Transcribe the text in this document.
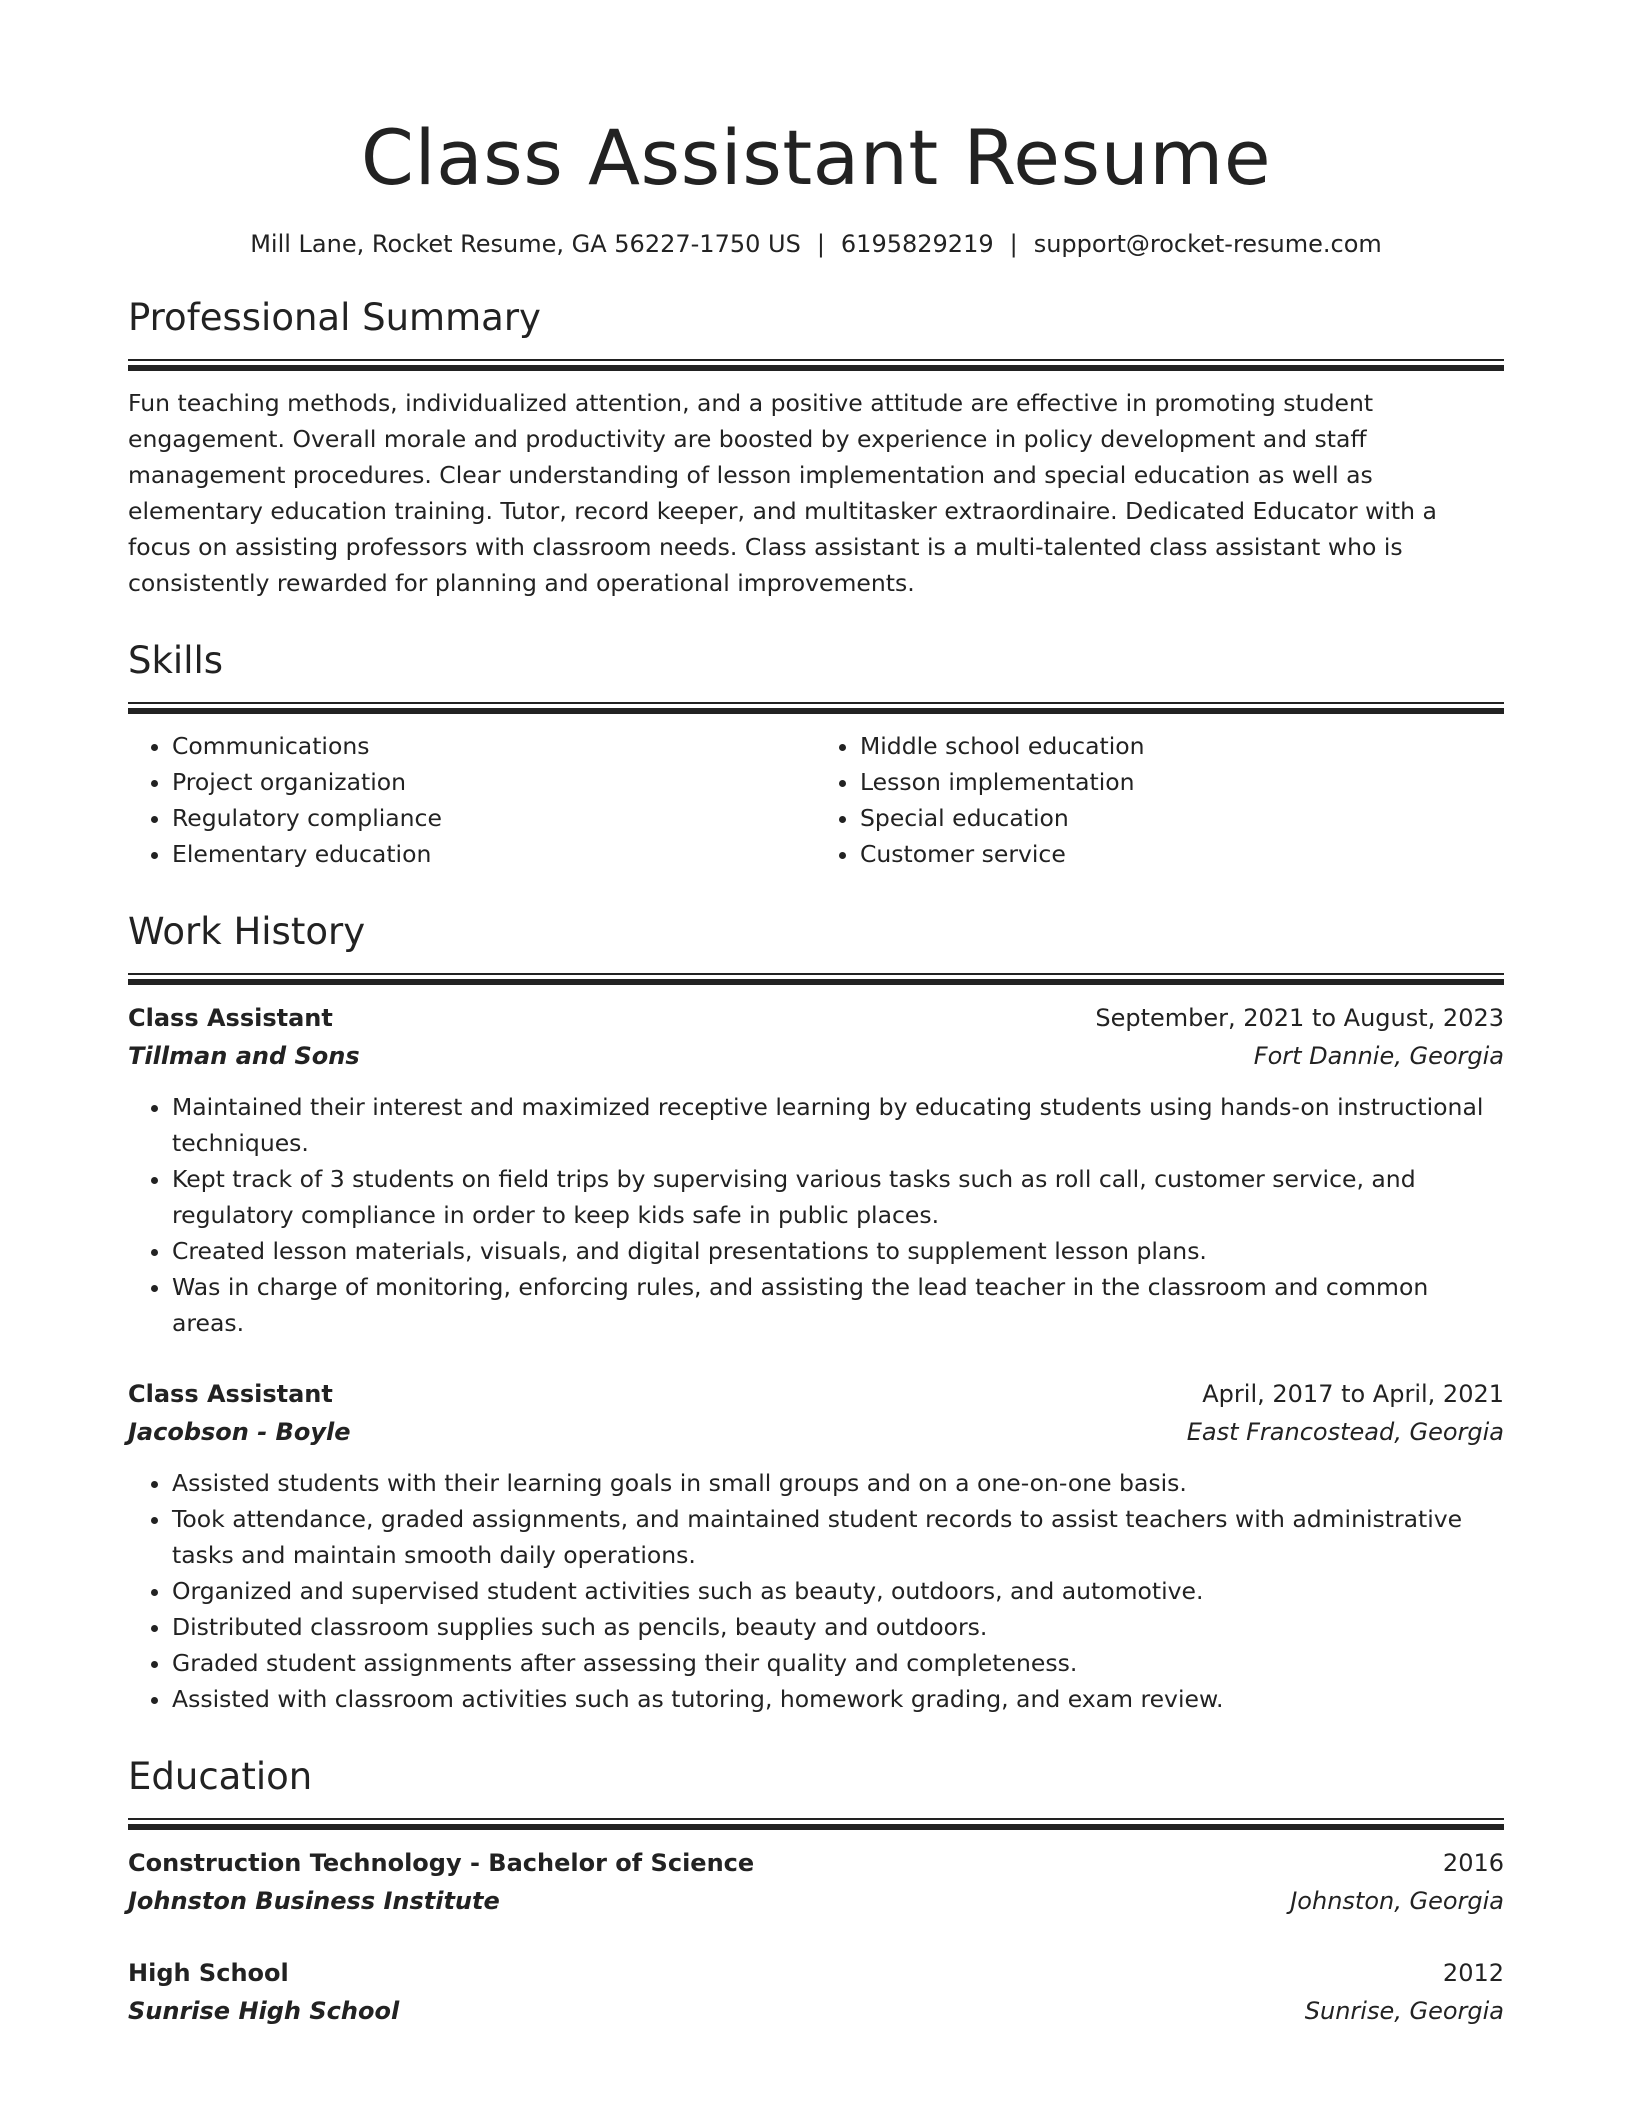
Class Assistant Resume
Mill Lane, Rocket Resume, GA 56227-1750 US | 6195829219 | support@rocket-resume.com
Professional Summary
Fun teaching methods, individualized attention, and a positive attitude are effective in promoting student engagement. Overall morale and productivity are boosted by experience in policy development and staff management procedures. Clear understanding of lesson implementation and special education as well as elementary education training. Tutor, record keeper, and multitasker extraordinaire. Dedicated Educator with a focus on assisting professors with classroom needs. Class assistant is a multi-talented class assistant who is consistently rewarded for planning and operational improvements.
Skills
• Communications
• Project organization
• Regulatory compliance
• Elementary education
• Middle school education
• Lesson implementation
• Special education
• Customer service
Work History
Class Assistant	September, 2021 to August, 2023
Tillman and Sons	Fort Dannie, Georgia
• Maintained their interest and maximized receptive learning by educating students using hands-on instructional techniques.
• Kept track of 3 students on field trips by supervising various tasks such as roll call, customer service, and regulatory compliance in order to keep kids safe in public places.
• Created lesson materials, visuals, and digital presentations to supplement lesson plans.
• Was in charge of monitoring, enforcing rules, and assisting the lead teacher in the classroom and common areas.
Class Assistant	April, 2017 to April, 2021
Jacobson - Boyle	East Francostead, Georgia
• Assisted students with their learning goals in small groups and on a one-on-one basis.
• Took attendance, graded assignments, and maintained student records to assist teachers with administrative tasks and maintain smooth daily operations.
• Organized and supervised student activities such as beauty, outdoors, and automotive.
• Distributed classroom supplies such as pencils, beauty and outdoors.
• Graded student assignments after assessing their quality and completeness.
• Assisted with classroom activities such as tutoring, homework grading, and exam review.
Education
Construction Technology - Bachelor of Science	2016
Johnston Business Institute	Johnston, Georgia
High School	2012
Sunrise High School	Sunrise, Georgia
